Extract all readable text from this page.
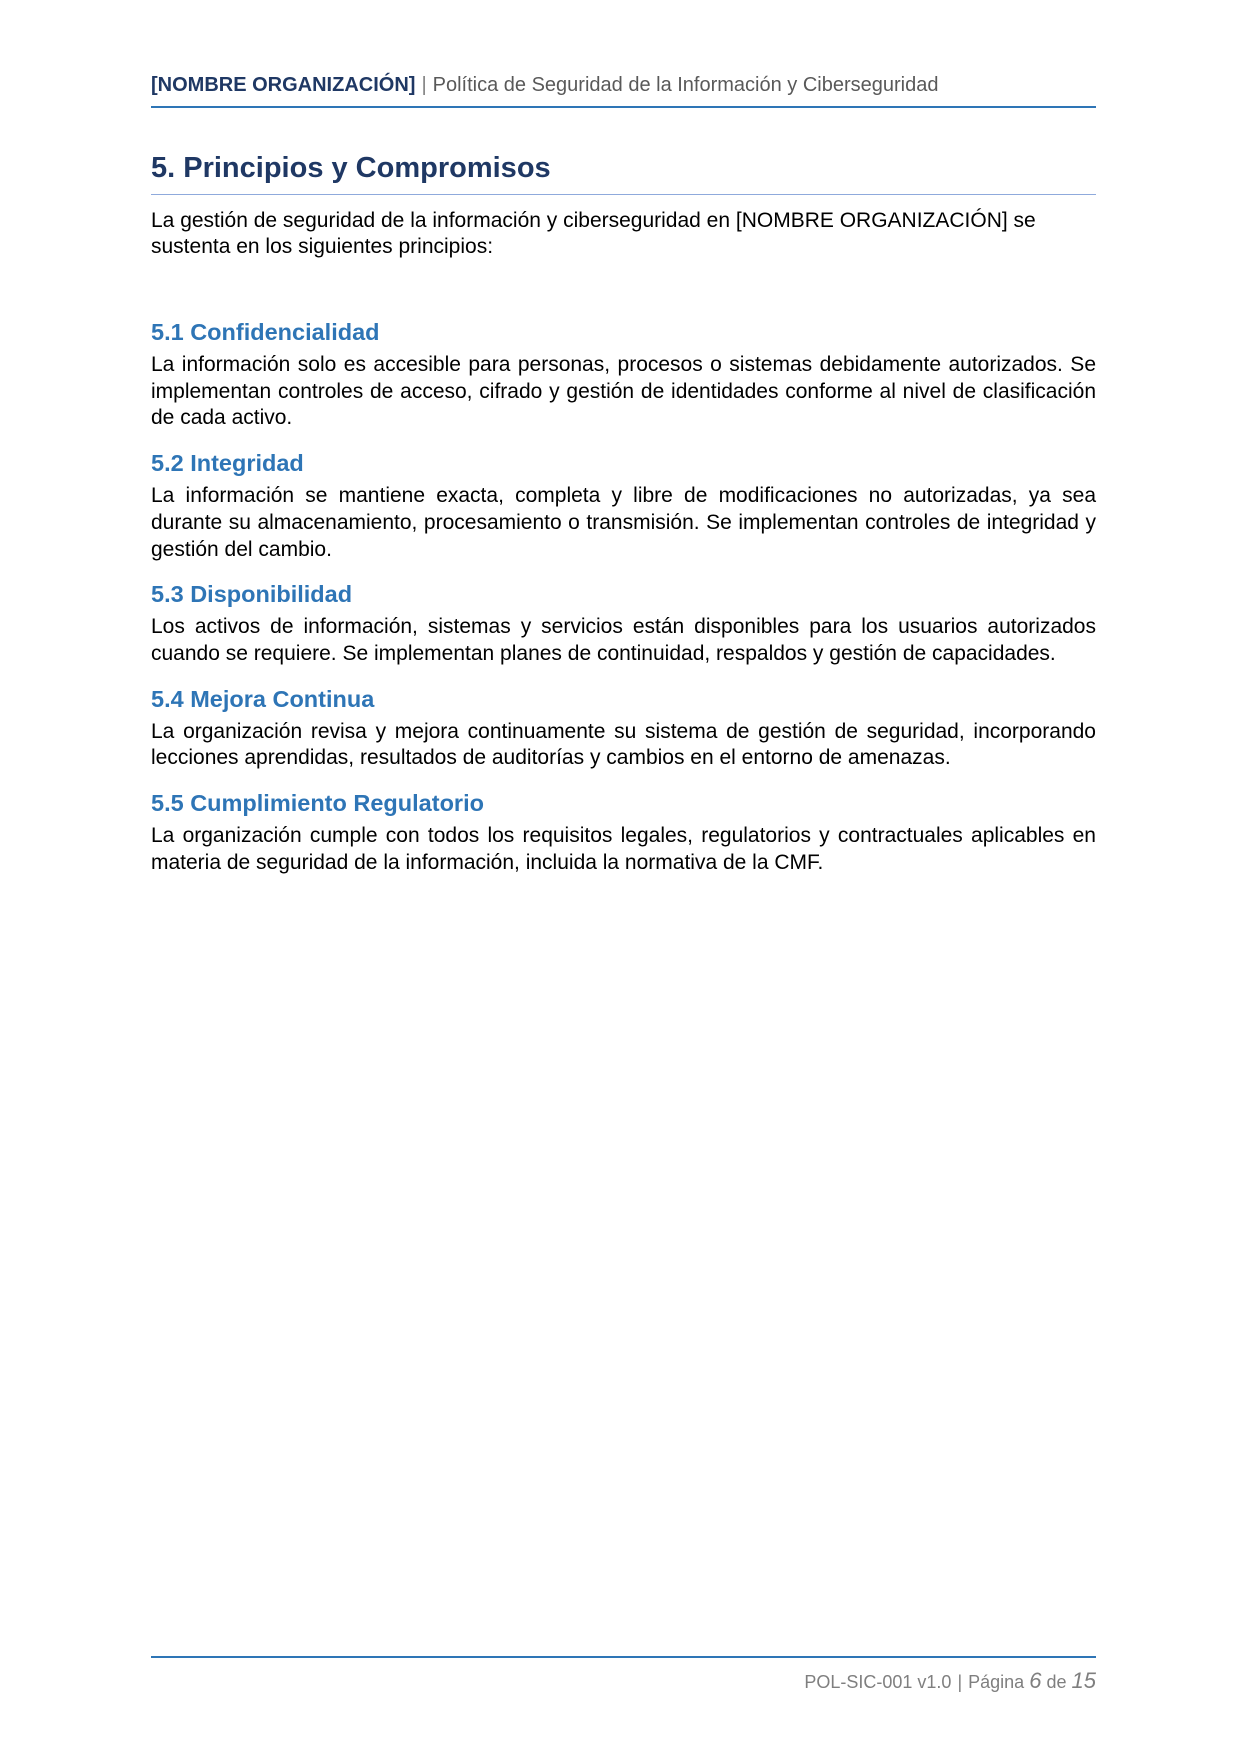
[NOMBRE ORGANIZACIÓN] | Política de Seguridad de la Información y Ciberseguridad
5. Principios y Compromisos

La gestión de seguridad de la información y ciberseguridad en [NOMBRE ORGANIZACIÓN] se sustenta en los siguientes principios:

5.1 Confidencialidad

La información solo es accesible para personas, procesos o sistemas debidamente autorizados. Se implementan controles de acceso, cifrado y gestión de identidades conforme al nivel de clasificación de cada activo.

5.2 Integridad

La información se mantiene exacta, completa y libre de modificaciones no autorizadas, ya sea durante su almacenamiento, procesamiento o transmisión. Se implementan controles de integridad y gestión del cambio.

5.3 Disponibilidad

Los activos de información, sistemas y servicios están disponibles para los usuarios autorizados cuando se requiere. Se implementan planes de continuidad, respaldos y gestión de capacidades.

5.4 Mejora Continua

La organización revisa y mejora continuamente su sistema de gestión de seguridad, incorporando lecciones aprendidas, resultados de auditorías y cambios en el entorno de amenazas.

5.5 Cumplimiento Regulatorio

La organización cumple con todos los requisitos legales, regulatorios y contractuales aplicables en materia de seguridad de la información, incluida la normativa de la CMF.

POL-SIC-001 v1.0 | Página 6 de 15
